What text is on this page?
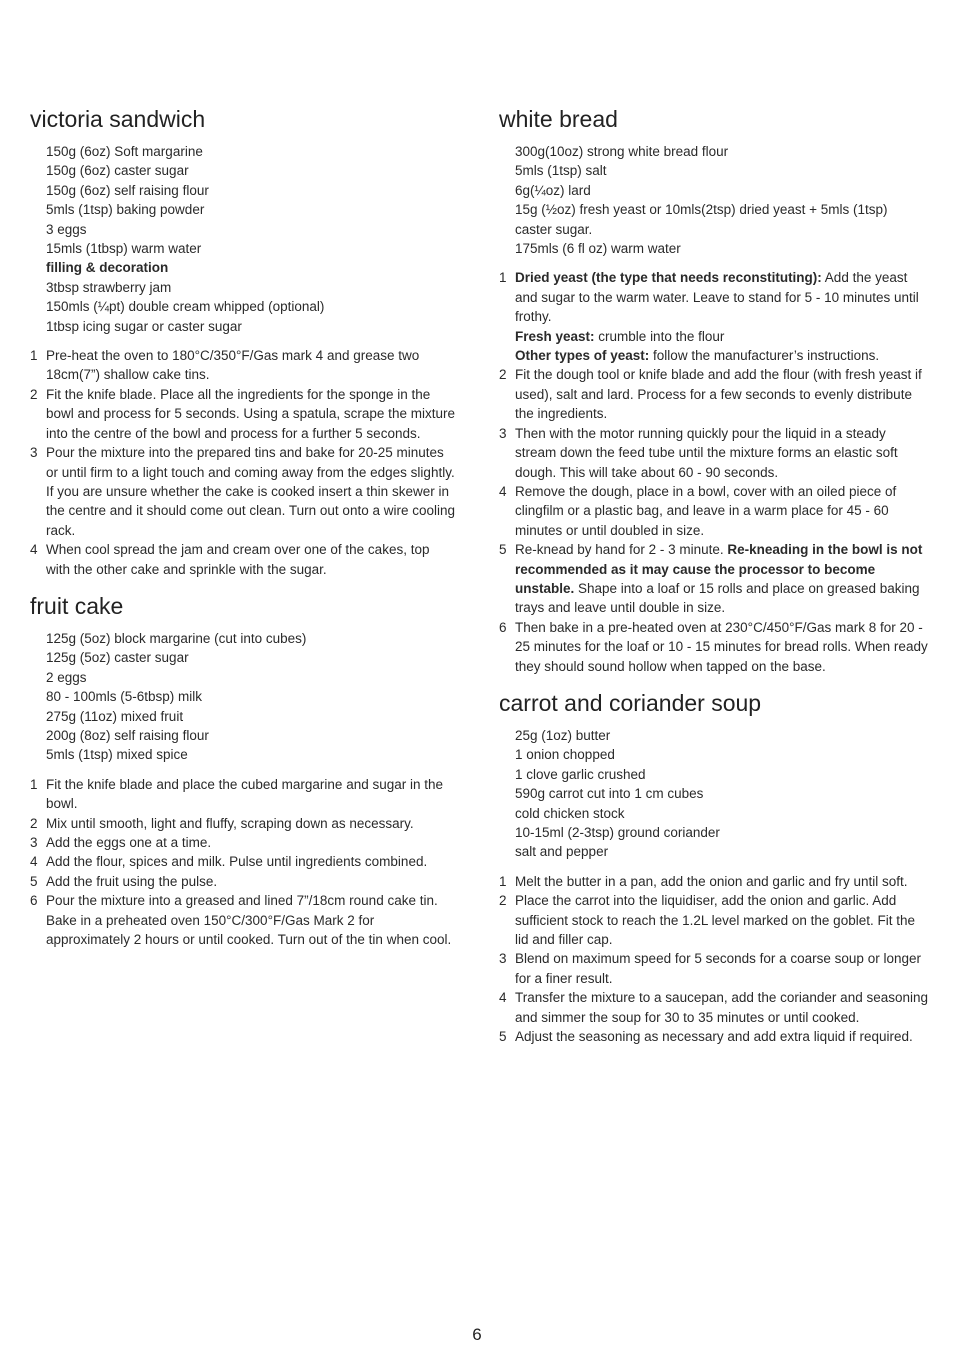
victoria sandwich
150g (6oz) Soft margarine
150g (6oz) caster sugar
150g (6oz) self raising flour
5mls (1tsp) baking powder
3 eggs
15mls (1tbsp) warm water
filling & decoration
3tbsp strawberry jam
150mls (¼pt) double cream whipped (optional)
1tbsp icing sugar or caster sugar
1 Pre-heat the oven to 180°C/350°F/Gas mark 4 and grease two 18cm(7”) shallow cake tins.
2 Fit the knife blade. Place all the ingredients for the sponge in the bowl and process for 5 seconds. Using a spatula, scrape the mixture into the centre of the bowl and process for a further 5 seconds.
3 Pour the mixture into the prepared tins and bake for 20-25 minutes or until firm to a light touch and coming away from the edges slightly. If you are unsure whether the cake is cooked insert a thin skewer in the centre and it should come out clean. Turn out onto a wire cooling rack.
4 When cool spread the jam and cream over one of the cakes, top with the other cake and sprinkle with the sugar.
fruit cake
125g (5oz) block margarine (cut into cubes)
125g (5oz) caster sugar
2 eggs
80 - 100mls (5-6tbsp) milk
275g (11oz) mixed fruit
200g (8oz) self raising flour
5mls (1tsp) mixed spice
1 Fit the knife blade and place the cubed margarine and sugar in the bowl.
2 Mix until smooth, light and fluffy, scraping down as necessary.
3 Add the eggs one at a time.
4 Add the flour, spices and milk. Pulse until ingredients combined.
5 Add the fruit using the pulse.
6 Pour the mixture into a greased and lined 7”/18cm round cake tin. Bake in a preheated oven 150°C/300°F/Gas Mark 2 for approximately 2 hours or until cooked. Turn out of the tin when cool.
white bread
300g(10oz) strong white bread flour
5mls (1tsp) salt
6g(¼oz) lard
15g (½oz) fresh yeast or 10mls(2tsp) dried yeast + 5mls (1tsp)
caster sugar.
175mls (6 fl oz) warm water
1 Dried yeast (the type that needs reconstituting): Add the yeast and sugar to the warm water. Leave to stand for 5 - 10 minutes until frothy.
Fresh yeast: crumble into the flour
Other types of yeast: follow the manufacturer’s instructions.
2 Fit the dough tool or knife blade and add the flour (with fresh yeast if used), salt and lard. Process for a few seconds to evenly distribute the ingredients.
3 Then with the motor running quickly pour the liquid in a steady stream down the feed tube until the mixture forms an elastic soft dough. This will take about 60 - 90 seconds.
4 Remove the dough, place in a bowl, cover with an oiled piece of clingfilm or a plastic bag, and leave in a warm place for 45 - 60 minutes or until doubled in size.
5 Re-knead by hand for 2 - 3 minute. Re-kneading in the bowl is not recommended as it may cause the processor to become unstable. Shape into a loaf or 15 rolls and place on greased baking trays and leave until double in size.
6 Then bake in a pre-heated oven at 230°C/450°F/Gas mark 8 for 20 - 25 minutes for the loaf or 10 - 15 minutes for bread rolls. When ready they should sound hollow when tapped on the base.
carrot and coriander soup
25g (1oz) butter
1 onion chopped
1 clove garlic crushed
590g carrot cut into 1 cm cubes
cold chicken stock
10-15ml (2-3tsp) ground coriander
salt and pepper
1 Melt the butter in a pan, add the onion and garlic and fry until soft.
2 Place the carrot into the liquidiser, add the onion and garlic. Add sufficient stock to reach the 1.2L level marked on the goblet. Fit the lid and filler cap.
3 Blend on maximum speed for 5 seconds for a coarse soup or longer for a finer result.
4 Transfer the mixture to a saucepan, add the coriander and seasoning and simmer the soup for 30 to 35 minutes or until cooked.
5 Adjust the seasoning as necessary and add extra liquid if required.
6
